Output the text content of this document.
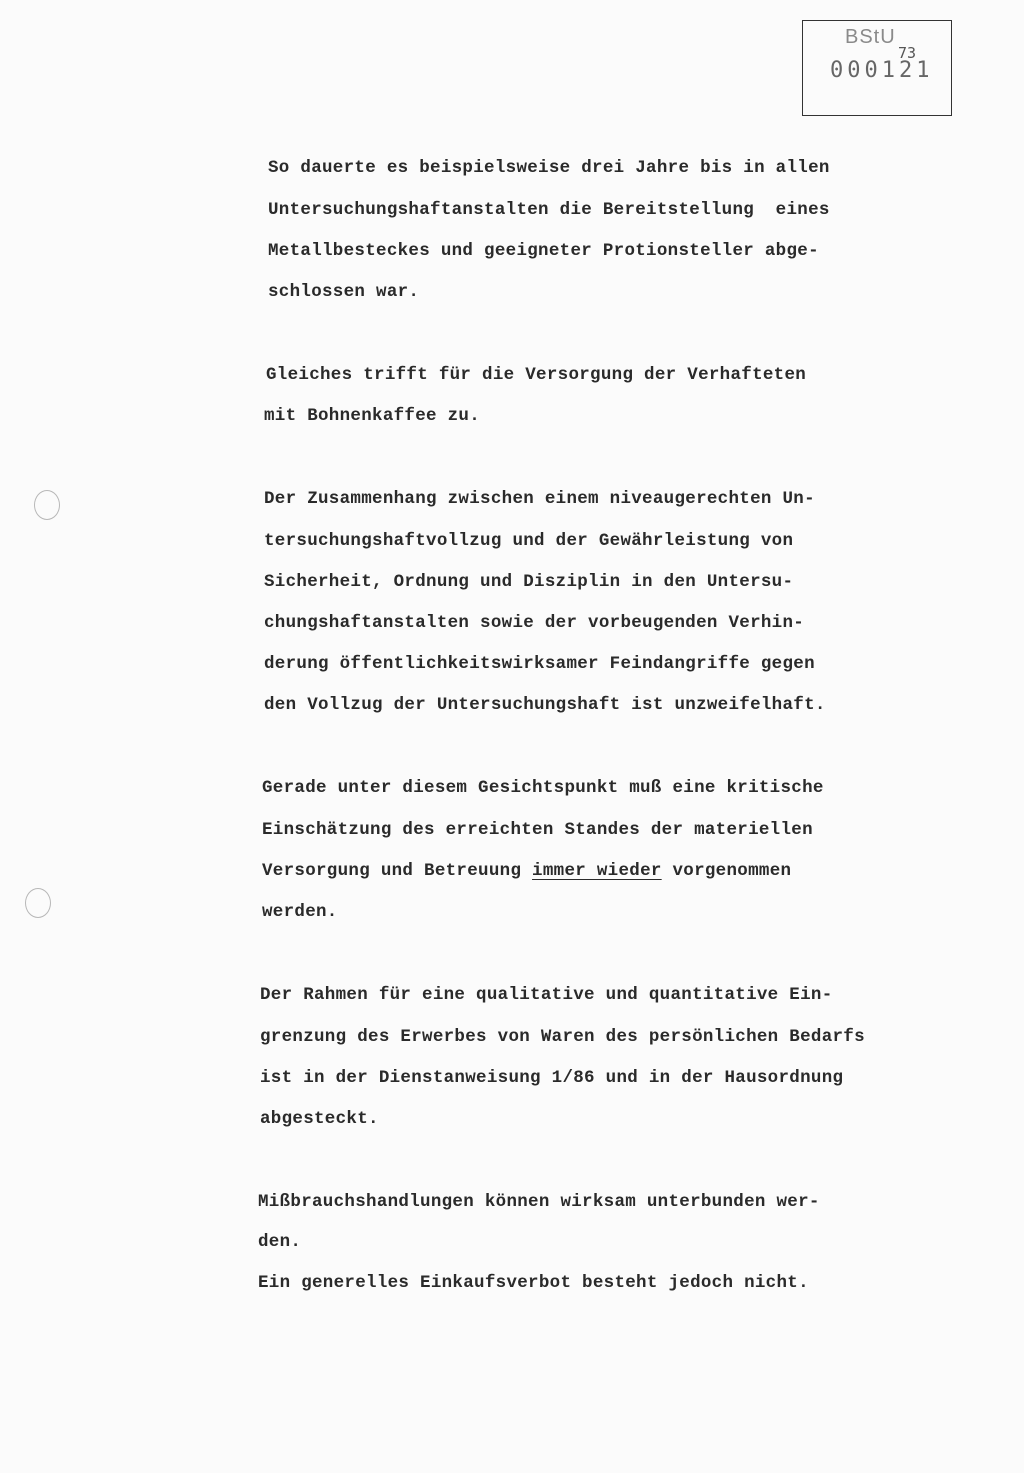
BStU
73
000121
So dauerte es beispielsweise drei Jahre bis in allen
Untersuchungshaftanstalten die Bereitstellung  eines
Metallbesteckes und geeigneter Protionsteller abge-
schlossen war.
Gleiches trifft für die Versorgung der Verhafteten
mit Bohnenkaffee zu.
Der Zusammenhang zwischen einem niveaugerechten Un-
tersuchungshaftvollzug und der Gewährleistung von
Sicherheit, Ordnung und Disziplin in den Untersu-
chungshaftanstalten sowie der vorbeugenden Verhin-
derung öffentlichkeitswirksamer Feindangriffe gegen
den Vollzug der Untersuchungshaft ist unzweifelhaft.
Gerade unter diesem Gesichtspunkt muß eine kritische
Einschätzung des erreichten Standes der materiellen
Versorgung und Betreuung immer wieder vorgenommen
werden.
Der Rahmen für eine qualitative und quantitative Ein-
grenzung des Erwerbes von Waren des persönlichen Bedarfs
ist in der Dienstanweisung 1/86 und in der Hausordnung
abgesteckt.
Mißbrauchshandlungen können wirksam unterbunden wer-
den.
Ein generelles Einkaufsverbot besteht jedoch nicht.
